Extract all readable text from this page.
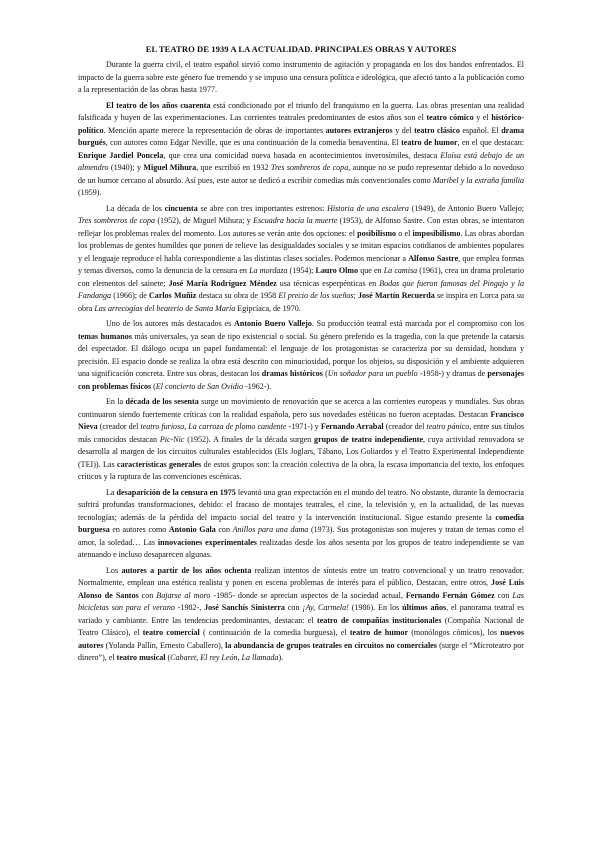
EL TEATRO DE 1939 A LA ACTUALIDAD. PRINCIPALES OBRAS Y AUTORES

Durante la guerra civil, el teatro español sirvió como instrumento de agitación y propaganda en los dos bandos enfrentados. El impacto de la guerra sobre este género fue tremendo y se impuso una censura política e ideológica, que afectó tanto a la publicación como a la representación de las obras hasta 1977.

El teatro de los años cuarenta está condicionado por el triunfo del franquismo en la guerra. Las obras presentan una realidad falsificada y huyen de las experimentaciones. Las corrientes teatrales predominantes de estos años son el teatro cómico y el histórico-político. Mención aparte merece la representación de obras de importantes autores extranjeros y del teatro clásico español. El drama burgués, con autores como Edgar Neville, que es una continuación de la comedia benaventina. El teatro de humor, en el que destacan: Enrique Jardiel Poncela, que crea una comicidad nueva basada en acontecimientos inverosímiles, destaca Eloísa está debajo de un almendro (1940); y Miguel Mihura, que escribió en 1932 Tres sombreros de copa, aunque no se pudo representar debido a lo novedoso de un humor cercano al absurdo. Así pues, este autor se dedicó a escribir comedias más convencionales como Maribel y la extraña familia (1959).

La década de los cincuenta se abre con tres importantes estrenos: Historia de una escalera (1949), de Antonio Buero Vallejo; Tres sombreros de copa (1952), de Miguel Mihura; y Escuadra hacia la muerte (1953), de Alfonso Sastre. Con estas obras, se intentaron reflejar los problemas reales del momento. Los autores se verán ante dos opciones: el posibilismo o el imposibilismo. Las obras abordan los problemas de gentes humildes que ponen de relieve las desigualdades sociales y se imitan espacios cotidianos de ambientes populares y el lenguaje reproduce el habla correspondiente a las distintas clases sociales. Podemos mencionar a Alfonso Sastre, que emplea formas y temas diversos, como la denuncia de la censura en La mordaza (1954); Lauro Olmo que en La camisa (1961), crea un drama proletario con elementos del sainete; José María Rodríguez Méndez usa técnicas esperpénticas en Bodas que fueron famosas del Pingajo y la Fandanga (1966); de Carlos Muñiz destaca su obra de 1958 El precio de los sueños; José Martín Recuerda se inspira en Lorca para su obra Las arrecogías del beaterio de Santa María Egipcíaca, de 1970.

Uno de los autores más destacados es Antonio Buero Vallejo. Su producción teatral está marcada por el compromiso con los temas humanos más universales, ya sean de tipo existencial o social. Su género preferido es la tragedia, con la que pretende la catarsis del espectador. El diálogo ocupa un papel fundamental: el lenguaje de los protagonistas se caracteriza por su densidad, hondura y precisión. El espacio donde se realiza la obra está descrito con minuciosidad, porque los objetos, su disposición y el ambiente adquieren una significación concreta. Entre sus obras, destacan los dramas históricos (Un soñador para un pueblo -1958-) y dramas de personajes con problemas físicos (El concierto de San Ovidio -1962-).

En la década de los sesenta surge un movimiento de renovación que se acerca a las corrientes europeas y mundiales. Sus obras continuaron siendo fuertemente críticas con la realidad española, pero sus novedades estéticas no fueron aceptadas. Destacan Francisco Nieva (creador del teatro furioso, La carroza de plomo candente -1971-) y Fernando Arrabal (creador del teatro pánico, entre sus títulos más conocidos destacan Pic-Nic (1952). A finales de la década surgen grupos de teatro independiente, cuya actividad renovadora se desarrolla al margen de los circuitos culturales establecidos (Els Joglars, Tábano, Los Goliardos y el Teatro Experimental Independiente (TEI)). Las características generales de estos grupos son: la creación colectiva de la obra, la escasa importancia del texto, los enfoques críticos y la ruptura de las convenciones escénicas.

La desaparición de la censura en 1975 levantó una gran expectación en el mundo del teatro. No obstante, durante la democracia sufrirá profundas transformaciones, debido: el fracaso de montajes teatrales, el cine, la televisión y, en la actualidad, de las nuevas tecnologías; además de la pérdida del impacto social del teatro y la intervención institucional. Sigue estando presente la comedia burguesa en autores como Antonio Gala con Anillos para una dama (1973). Sus protagonistas son mujeres y tratan de temas como el amor, la soledad… Las innovaciones experimentales realizadas desde los años sesenta por los grupos de teatro independiente se van atenuando e incluso desaparecen algunas.

Los autores a partir de los años ochenta realizan intentos de síntesis entre un teatro convencional y un teatro renovador. Normalmente, emplean una estética realista y ponen en escena problemas de interés para el público. Destacan, entre otros, José Luis Alonso de Santos con Bajarse al moro -1985- donde se aprecian aspectos de la sociedad actual, Fernando Fernán Gómez con Las bicicletas son para el verano -1982-, José Sanchís Sinisterra con ¡Ay, Carmela! (1986). En los últimos años, el panorama teatral es variado y cambiante. Entre las tendencias predominantes, destacan: el teatro de compañías institucionales (Compañía Nacional de Teatro Clásico), el teatro comercial ( continuación de la comedia burguesa), el teatro de humor (monólogos cómicos), los nuevos autores (Yolanda Pallín, Ernesto Caballero), la abundancia de grupos teatrales en circuitos no comerciales (surge el “Microteatro por dinero”), el teatro musical (Cabaret, El rey León, La llamada).
